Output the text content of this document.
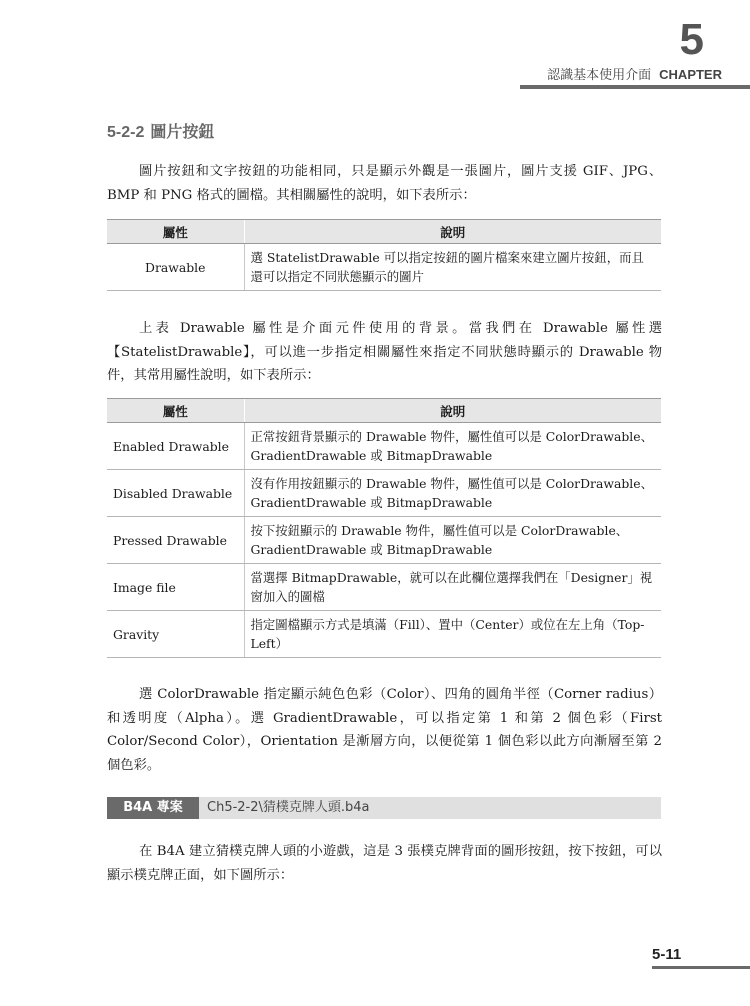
5
認識基本使用介面 CHAPTER
5-2-2 圖片按鈕

圖片按鈕和文字按鈕的功能相同，只是顯示外觀是一張圖片，圖片支援 GIF、JPG、BMP 和 PNG 格式的圖檔。其相關屬性的說明，如下表所示：

屬性	說明
Drawable	選 StatelistDrawable 可以指定按鈕的圖片檔案來建立圖片按鈕，而且還可以指定不同狀態顯示的圖片

上表 Drawable 屬性是介面元件使用的背景。當我們在 Drawable 屬性選【StatelistDrawable】，可以進一步指定相關屬性來指定不同狀態時顯示的 Drawable 物件，其常用屬性說明，如下表所示：

屬性	說明
Enabled Drawable	正常按鈕背景顯示的 Drawable 物件，屬性值可以是 ColorDrawable、GradientDrawable 或 BitmapDrawable
Disabled Drawable	沒有作用按鈕顯示的 Drawable 物件，屬性值可以是 ColorDrawable、GradientDrawable 或 BitmapDrawable
Pressed Drawable	按下按鈕顯示的 Drawable 物件，屬性值可以是 ColorDrawable、GradientDrawable 或 BitmapDrawable
Image file	當選擇 BitmapDrawable，就可以在此欄位選擇我們在「Designer」視窗加入的圖檔
Gravity	指定圖檔顯示方式是填滿（Fill）、置中（Center）或位在左上角（Top-Left）

選 ColorDrawable 指定顯示純色色彩（Color）、四角的圓角半徑（Corner radius）和透明度（Alpha）。選 GradientDrawable，可以指定第 1 和第 2 個色彩（First Color/Second Color），Orientation 是漸層方向，以便從第 1 個色彩以此方向漸層至第 2 個色彩。

B4A 專案	Ch5-2-2\猜樸克牌人頭.b4a

在 B4A 建立猜樸克牌人頭的小遊戲，這是 3 張樸克牌背面的圖形按鈕，按下按鈕，可以顯示樸克牌正面，如下圖所示：

5-11
